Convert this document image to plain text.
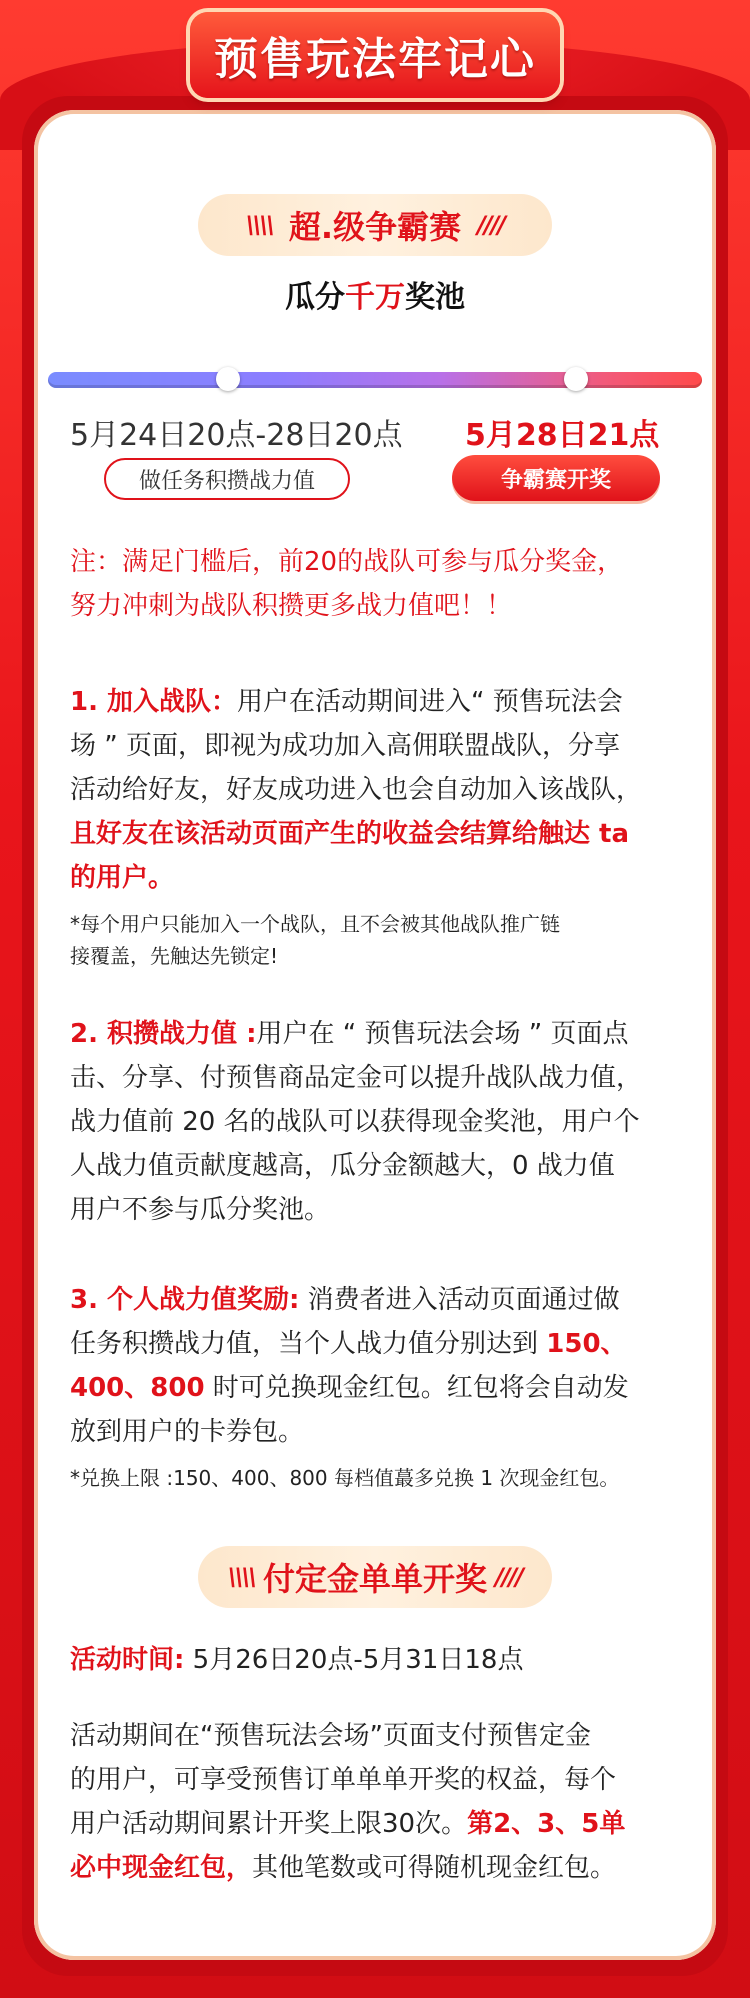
预售玩法牢记心
\\\\ 超.级争霸赛 ////
瓜分千万奖池
5月24日20点-28日20点 5月28日21点
做任务积攒战力值	争霸赛开奖
注：满足门槛后，前20的战队可参与瓜分奖金，
努力冲刺为战队积攒更多战力值吧！！
1. 加入战队：用户在活动期间进入“ 预售玩法会
场 ” 页面，即视为成功加入高佣联盟战队，分享
活动给好友，好友成功进入也会自动加入该战队，
且好友在该活动页面产生的收益会结算给触达 ta
的用户。
*每个用户只能加入一个战队，且不会被其他战队推广链
接覆盖，先触达先锁定!
2. 积攒战力值 :用户在 “ 预售玩法会场 ” 页面点
击、分享、付预售商品定金可以提升战队战力值，
战力值前 20 名的战队可以获得现金奖池，用户个
人战力值贡献度越高，瓜分金额越大，0 战力值
用户不参与瓜分奖池。
3. 个人战力值奖励: 消费者进入活动页面通过做
任务积攒战力值，当个人战力值分别达到 150、
400、800 时可兑换现金红包。红包将会自动发
放到用户的卡券包。
*兑换上限 :150、400、800 每档值蕞多兑换 1 次现金红包。
\\\\ 付定金单单开奖 ////
活动时间: 5月26日20点-5月31日18点
活动期间在“预售玩法会场”页面支付预售定金
的用户，可享受预售订单单单开奖的权益，每个
用户活动期间累计开奖上限30次。第2、3、5单
必中现金红包，其他笔数或可得随机现金红包。
